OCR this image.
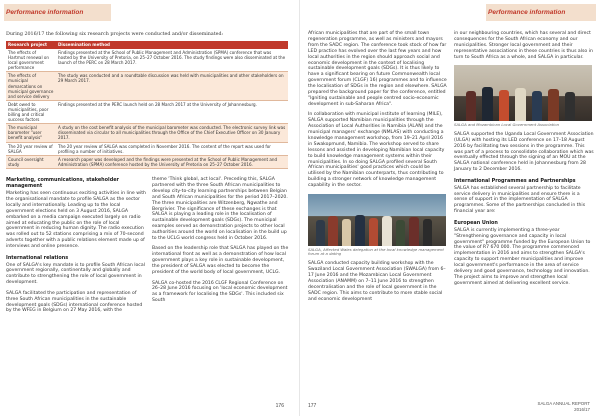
Performance information
During 2016/17 the following six research projects were conducted and/or disseminated:
Research project	Dissemination method
The effects of Hartmut renewal on local government performance	Findings presented at the School of Public Management and Administration (SPMA) conference that was hosted by the University of Pretoria, on 25–27 October 2016. The study findings were also disseminated at the launch of the PERC on 28 March 2017.
The effects of municipal demarcations on municipal governance and service delivery	The study was conducted and a roundtable discussion was held with municipalities and other stakeholders on 29 March 2017.
Debt owed to municipalities, poor billing and critical success factors	Findings presented at the PERC launch held on 28 March 2017 at the University of Johannesburg.
The municipal barometer "user benefit analysis"	A study on the cost benefit analysis of the municipal barometer was conducted. The electronic survey link was disseminated via circular to all municipalities through the Office of the Chief Executive Officer on 30 January 2017.
The 20 year review of SALGA	The 20 year review of SALGA was completed in November 2016. The content of the report was used for profiling a number of initiatives.
Council oversight study	A research paper was developed and the findings were presented at the School of Public Management and Administration (SPMA) conference hosted by the University of Pretoria on 25–27 October 2016.
Marketing, communications, stakeholder management

Marketing has seen continuous exciting activities in line with the organisational mandate to profile SALGA as the sector locally and internationally. Leading up to the local government elections held on 3 August 2016, SALGA embarked on a media campaign executed largely on radio aimed at educating the public on the role of local government in reducing human dignity. The radio execution was rolled out to 52 stations comprising a mix of 70-second adverts together with a public relations element made up of interviews and online presence.

International relations

One of SALGA's key mandate is to profile South African local government regionally, continentally and globally and contribute to strengthening the role of local government in development.

SALGA facilitated the participation and representation of three South African municipalities in the sustainable development goals (SDGs) international conference hosted by the WFEG in Belgium on 27 May 2016, with the

theme 'Think global, act local'. Preceding this, SALGA partnered with the three South African municipalities to develop city-to-city learning partnerships between Belgian and South African municipalities for the period 2017–2020. The three municipalities are Witzenberg, Ngwathe and Bergrivier. The significance of these exchanges is that SALGA is playing a leading role in the localisation of sustainable development goals (SDGs). The municipal examples served as demonstration projects to other local authorities around the world on localisation in the build up to the UCLG world congress held in October 2016.

Based on the leadership role that SALGA has played on the international front as well as a demonstration of how local government plays a key role in sustainable development, the president of SALGA was elected to become the president of the world body of local government, UCLG.

SALGA co-hosted the 2016 CLGF Regional Conference on 26–28 June 2016 focusing on 'local economic development as a framework for localising the SDGs'. This included six South

176
Performance information

African municipalities that are part of the small town regeneration programme, as well as ministers and mayors from the SADC region. The conference took stock of how far LED practice has evolved over the last few years and how local authorities in the region should approach social and economic development in the context of localising sustainable development goals (SDGs). It is thus likely to have a significant bearing on future Commonwealth local government forum (CLGF) 16) programmes and to influence the localisation of SDGs in the region and elsewhere. SALGA prepared the background paper for the conference, entitled "Igniting sustainable and people centred socio-economic development in sub-Saharan Africa".

In collaboration with municipal institute of learning (MILE), SALGA supported Namibian municipalities through the Association of Local Authorities in Namibia (ALAN) and the municipal managers' exchange (NMLAS) with conducting a knowledge management workshop, from 19–21 April 2016 in Swakopmund, Namibia. The workshop served to share lessons and assisted in developing Namibian local capacity to build knowledge management systems within their municipalities. In so doing SALGA profiled several South African municipalities' good practices which could be utilised by the Namibian counterparts, thus contributing to building a stronger network of knowledge management capability in the sector.

SALGA, Affected Wales delegation at the local knowledge management forum at a dating

SALGA conducted capacity building workshop with the Swaziland Local Government Association (SWALGA) from 6–17 June 2016 and the Mozambican Local Government Association (ANAMM) on 7–11 June 2016 to strengthen decentralisation and the role of local government in the SADC region. This aims to contribute to more stable social and economic development

in our neighbouring countries, which has several and direct consequences for the South African economy and our municipalities. Stronger local government and their representative associations in these countries is thus also in turn to South Africa as a whole, and SALGA in particular.

SALGA and Mozambican Local Government Association

SALGA supported the Uganda Local Government Association (ULGA) with hosting its LED conference on 17–18 August 2016 by facilitating two sessions in the programme. This was part of a process to consolidate collaboration which was eventually effected through the signing of an MOU at the SALGA national conference held in Johannesburg from 28 January to 2 December 2016.

International Programmes and Partnerships

SALGA has established several partnership to facilitate service delivery in municipalities and ensure there is a sense of support in the implementation of SALGA programmes. Some of the partnerships concluded in this financial year are:

European Union

SALGA is currently implementing a three-year "Strengthening governance and capacity in local government" programme funded by the European Union to the value of R7 670 000. The programme commenced implementation in 2016 and aims to strengthen SALGA's capacity to support member municipalities and improve local government's performance in the area of service delivery and good governance, technology and innovation. The project aims to improve and strengthen local government aimed at delivering excellent service.

177	SALGA ANNUAL REPORT
2016/17
